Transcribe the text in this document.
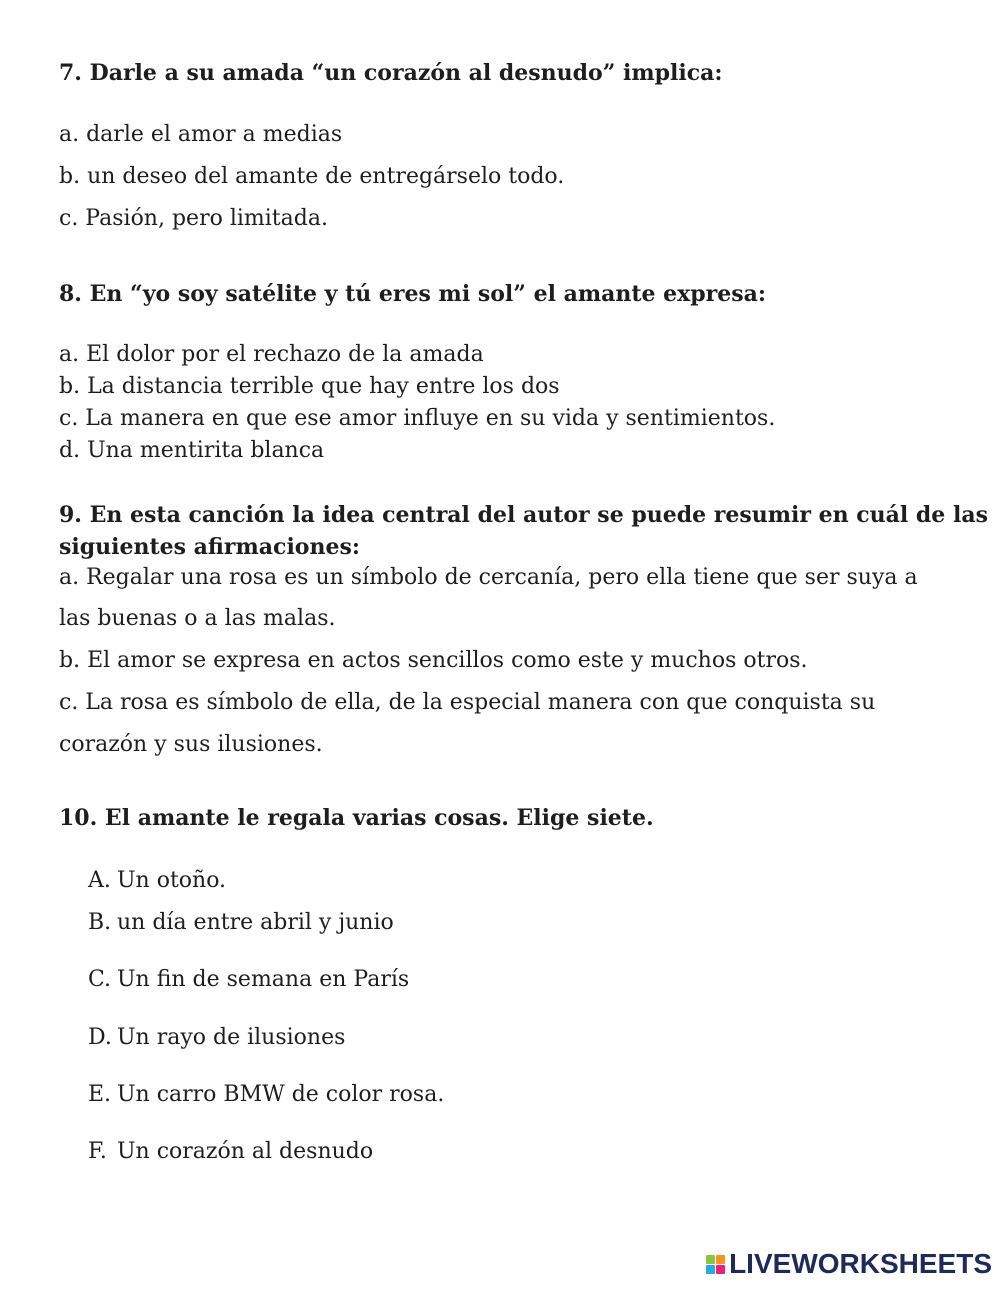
7. Darle a su amada “un corazón al desnudo” implica:
a. darle el amor a medias
b. un deseo del amante de entregárselo todo.
c. Pasión, pero limitada.
8. En “yo soy satélite y tú eres mi sol” el amante expresa:
a. El dolor por el rechazo de la amada
b. La distancia terrible que hay entre los dos
c. La manera en que ese amor influye en su vida y sentimientos.
d. Una mentirita blanca
9. En esta canción la idea central del autor se puede resumir en cuál de las
siguientes afirmaciones:
a. Regalar una rosa es un símbolo de cercanía, pero ella tiene que ser suya a
las buenas o a las malas.
b. El amor se expresa en actos sencillos como este y muchos otros.
c. La rosa es símbolo de ella, de la especial manera con que conquista su
corazón y sus ilusiones.
10. El amante le regala varias cosas. Elige siete.
A. Un otoño.
B. un día entre abril y junio
C. Un fin de semana en París
D. Un rayo de ilusiones
E. Un carro BMW de color rosa.
F. Un corazón al desnudo
LIVEWORKSHEETS
